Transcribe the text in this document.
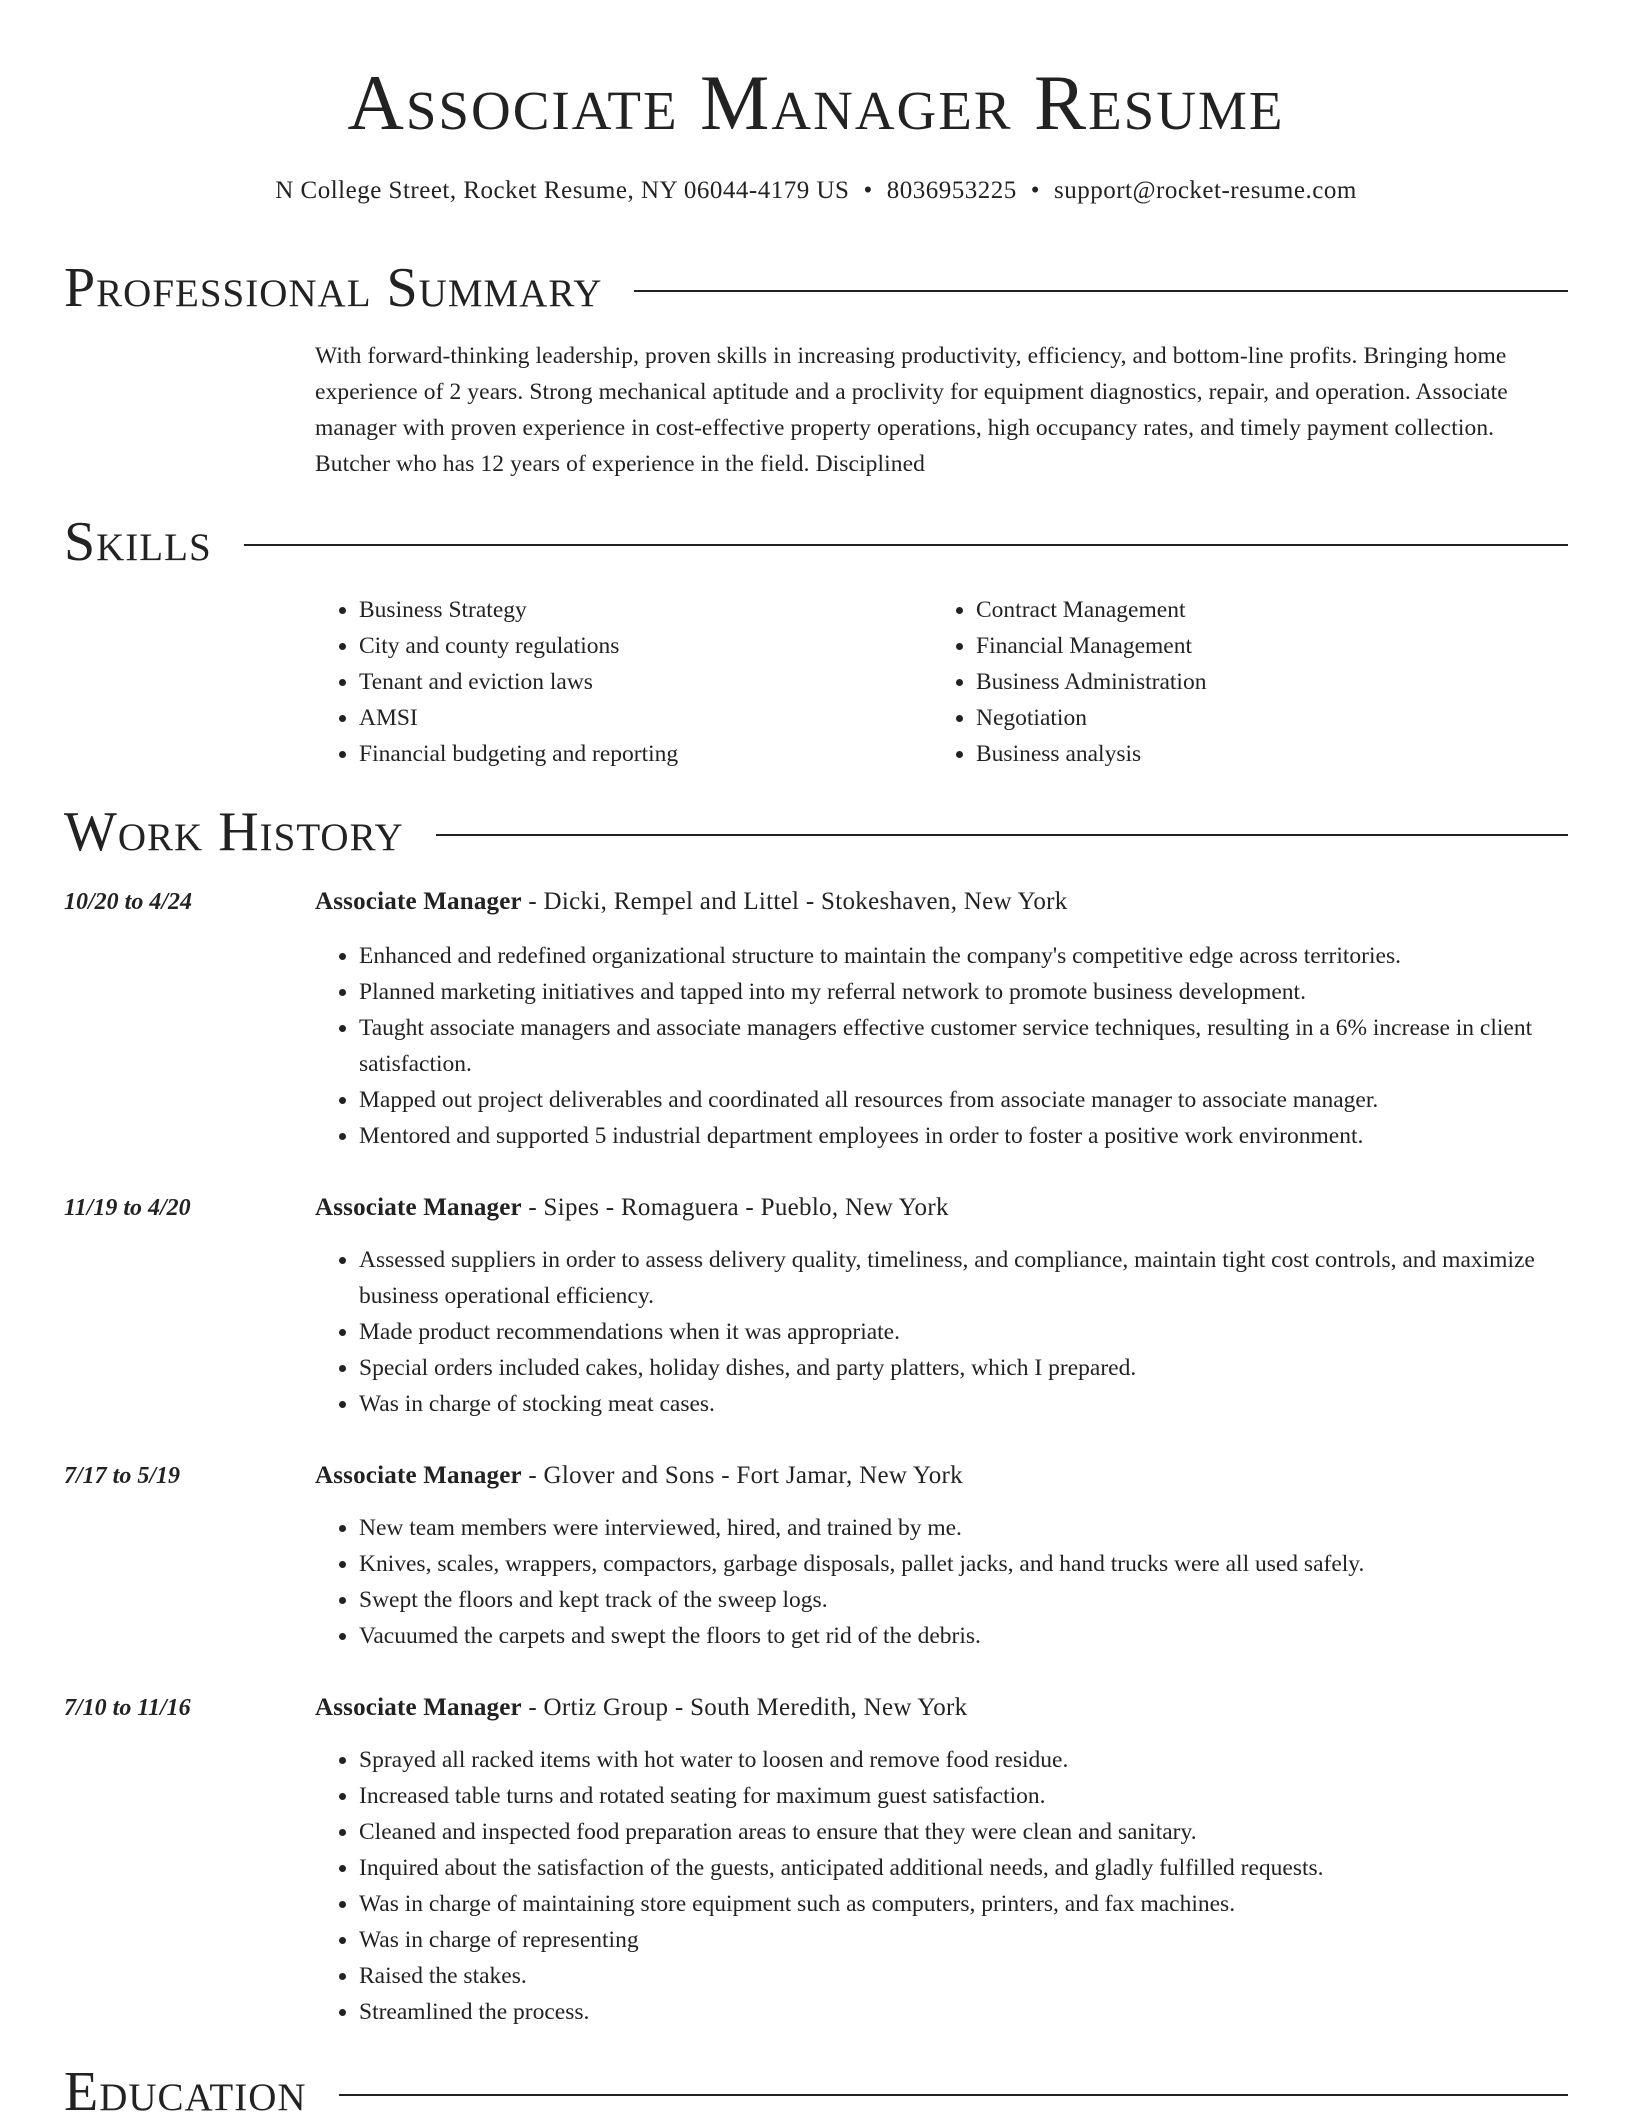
Associate Manager Resume
N College Street, Rocket Resume, NY 06044-4179 US • 8036953225 • support@rocket-resume.com
Professional Summary
With forward-thinking leadership, proven skills in increasing productivity, efficiency, and bottom-line profits. Bringing home experience of 2 years. Strong mechanical aptitude and a proclivity for equipment diagnostics, repair, and operation. Associate manager with proven experience in cost-effective property operations, high occupancy rates, and timely payment collection. Butcher who has 12 years of experience in the field. Disciplined
Skills
• Business Strategy
• City and county regulations
• Tenant and eviction laws
• AMSI
• Financial budgeting and reporting
• Contract Management
• Financial Management
• Business Administration
• Negotiation
• Business analysis
Work History
10/20 to 4/24	Associate Manager - Dicki, Rempel and Littel - Stokeshaven, New York
• Enhanced and redefined organizational structure to maintain the company's competitive edge across territories.
• Planned marketing initiatives and tapped into my referral network to promote business development.
• Taught associate managers and associate managers effective customer service techniques, resulting in a 6% increase in client satisfaction.
• Mapped out project deliverables and coordinated all resources from associate manager to associate manager.
• Mentored and supported 5 industrial department employees in order to foster a positive work environment.
11/19 to 4/20	Associate Manager - Sipes - Romaguera - Pueblo, New York
• Assessed suppliers in order to assess delivery quality, timeliness, and compliance, maintain tight cost controls, and maximize business operational efficiency.
• Made product recommendations when it was appropriate.
• Special orders included cakes, holiday dishes, and party platters, which I prepared.
• Was in charge of stocking meat cases.
7/17 to 5/19	Associate Manager - Glover and Sons - Fort Jamar, New York
• New team members were interviewed, hired, and trained by me.
• Knives, scales, wrappers, compactors, garbage disposals, pallet jacks, and hand trucks were all used safely.
• Swept the floors and kept track of the sweep logs.
• Vacuumed the carpets and swept the floors to get rid of the debris.
7/10 to 11/16	Associate Manager - Ortiz Group - South Meredith, New York
• Sprayed all racked items with hot water to loosen and remove food residue.
• Increased table turns and rotated seating for maximum guest satisfaction.
• Cleaned and inspected food preparation areas to ensure that they were clean and sanitary.
• Inquired about the satisfaction of the guests, anticipated additional needs, and gladly fulfilled requests.
• Was in charge of maintaining store equipment such as computers, printers, and fax machines.
• Was in charge of representing
• Raised the stakes.
• Streamlined the process.
Education
